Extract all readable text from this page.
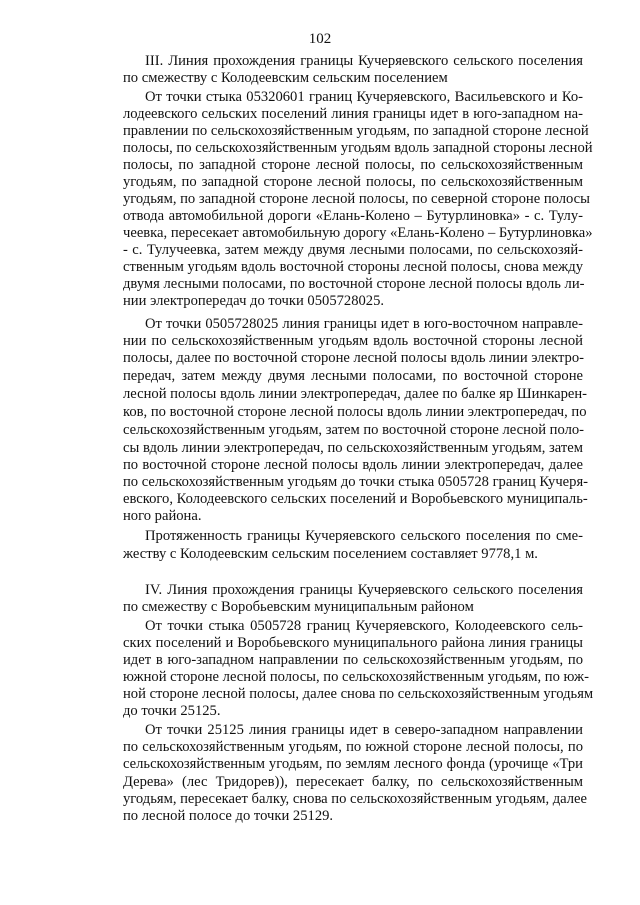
102
III. Линия прохождения границы Кучеряевского сельского поселения
по смежеству с Колодеевским сельским поселением
От точки стыка 05320601 границ Кучеряевского, Васильевского и Ко-
лодеевского сельских поселений линия границы идет в юго-западном на-
правлении по сельскохозяйственным угодьям, по западной стороне лесной
полосы, по сельскохозяйственным угодьям вдоль западной стороны лесной
полосы, по западной стороне лесной полосы, по сельскохозяйственным
угодьям, по западной стороне лесной полосы, по сельскохозяйственным
угодьям, по западной стороне лесной полосы, по северной стороне полосы
отвода автомобильной дороги «Елань-Колено – Бутурлиновка» - с. Тулу-
чеевка, пересекает автомобильную дорогу «Елань-Колено – Бутурлиновка»
- с. Тулучеевка, затем между двумя лесными полосами, по сельскохозяй-
ственным угодьям вдоль восточной стороны лесной полосы, снова между
двумя лесными полосами, по восточной стороне лесной полосы вдоль ли-
нии электропередач до точки 0505728025.
От точки 0505728025 линия границы идет в юго-восточном направле-
нии по сельскохозяйственным угодьям вдоль восточной стороны лесной
полосы, далее по восточной стороне лесной полосы вдоль линии электро-
передач, затем между двумя лесными полосами, по восточной стороне
лесной полосы вдоль линии электропередач, далее по балке яр Шинкарен-
ков, по восточной стороне лесной полосы вдоль линии электропередач, по
сельскохозяйственным угодьям, затем по восточной стороне лесной поло-
сы вдоль линии электропередач, по сельскохозяйственным угодьям, затем
по восточной стороне лесной полосы вдоль линии электропередач, далее
по сельскохозяйственным угодьям до точки стыка 0505728 границ Кучеря-
евского, Колодеевского сельских поселений и Воробьевского муниципаль-
ного района.
Протяженность границы Кучеряевского сельского поселения по сме-
жеству с Колодеевским сельским поселением составляет 9778,1 м.
IV. Линия прохождения границы Кучеряевского сельского поселения
по смежеству с Воробьевским муниципальным районом
От точки стыка 0505728 границ Кучеряевского, Колодеевского сель-
ских поселений и Воробьевского муниципального района линия границы
идет в юго-западном направлении по сельскохозяйственным угодьям, по
южной стороне лесной полосы, по сельскохозяйственным угодьям, по юж-
ной стороне лесной полосы, далее снова по сельскохозяйственным угодьям
до точки 25125.
От точки 25125 линия границы идет в северо-западном направлении
по сельскохозяйственным угодьям, по южной стороне лесной полосы, по
сельскохозяйственным угодьям, по землям лесного фонда (урочище «Три
Дерева» (лес Тридорев)), пересекает балку, по сельскохозяйственным
угодьям, пересекает балку, снова по сельскохозяйственным угодьям, далее
по лесной полосе до точки 25129.
